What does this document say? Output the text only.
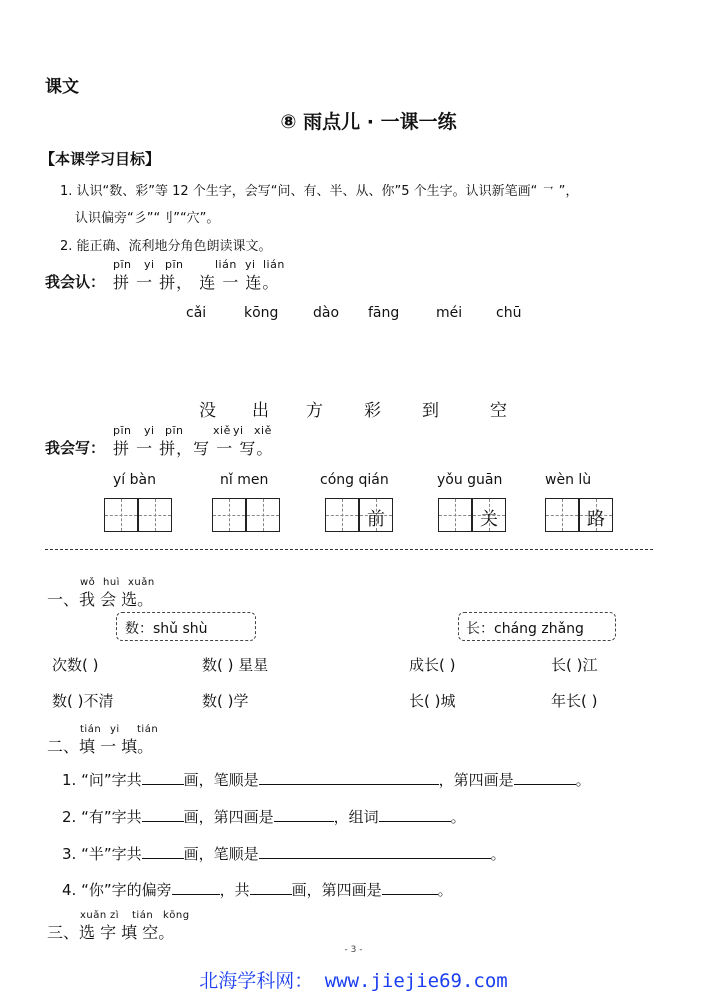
课文
⑧ 雨点儿 · 一课一练
【本课学习目标】
1. 认识“数、彩”等 12 个生字，会写“问、有、半、从、你”5 个生字。认识新笔画“ ㇖ ”，
认识偏旁“彡”“刂”“穴”。
2. 能正确、流利地分角色朗读课文。
我会认：
pīn yi pīn	lián yi lián
拼 一 拼， 连 一 连。
cǎi	kōng dào fāng	méi chū
没 出 方 彩 到	空
我会写：
pīn yi pīn	xiě yi xiě
拼 一 拼，写 一 写。
yí bàn	nǐ men	cóng qián
前
yǒu guān
关
wèn lù
路
wǒ huì xuǎn
一、我 会 选。
数：shǔ shù	长：cháng zhǎng
次数( )	数( ) 星星	成长( )	长( )江
数( )不清	数( )学	长( )城	年长( )
tián yi tián
二、填 一 填。
1. “问”字共	画，笔顺是	，第四画是	。
2. “有”字共	画，第四画是	，组词	。
3. “半”字共	画，笔顺是	。
4. “你”字的偏旁	，共	画，第四画是	。
xuǎn zì tián kōng
三、选 字 填 空。
- 3 -
北海学科网： www.jiejie69.com
